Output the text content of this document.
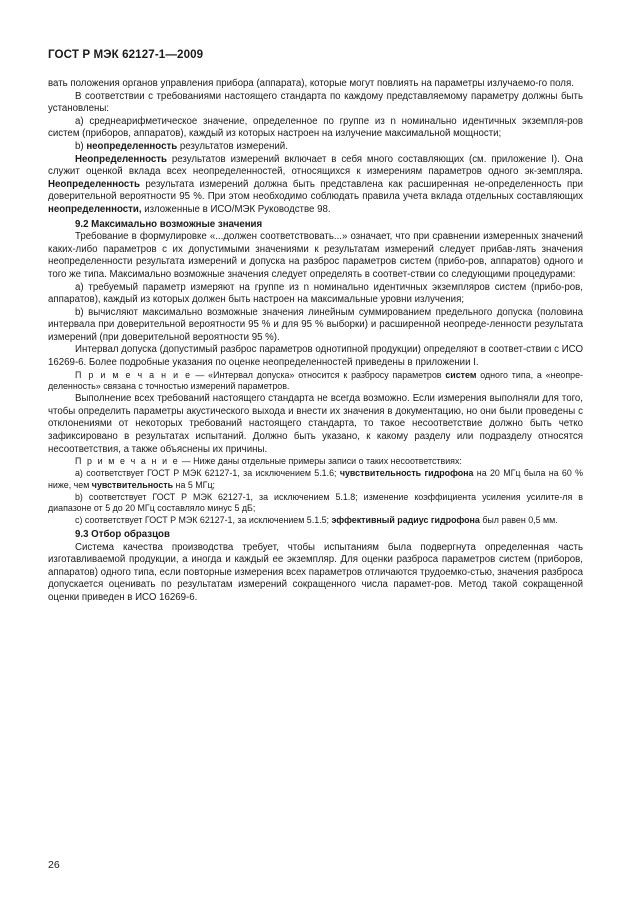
ГОСТ Р МЭК 62127-1—2009

вать положения органов управления прибора (аппарата), которые могут повлиять на параметры излучаемо-го поля.

В соответствии с требованиями настоящего стандарта по каждому представляемому параметру должны быть установлены:

а) среднеарифметическое значение, определенное по группе из n номинально идентичных экземпля-ров систем (приборов, аппаратов), каждый из которых настроен на излучение максимальной мощности;

b) неопределенность результатов измерений.

Неопределенность результатов измерений включает в себя много составляющих (см. приложение I). Она служит оценкой вклада всех неопределенностей, относящихся к измерениям параметров одного эк-земпляра. Неопределенность результата измерений должна быть представлена как расширенная не-определенность при доверительной вероятности 95 %. При этом необходимо соблюдать правила учета вклада отдельных составляющих неопределенности, изложенные в ИСО/МЭК Руководстве 98.

9.2 Максимально возможные значения

Требование в формулировке «...должен соответствовать...» означает, что при сравнении измеренных значений каких-либо параметров с их допустимыми значениями к результатам измерений следует прибав-лять значения неопределенности результата измерений и допуска на разброс параметров систем (прибо-ров, аппаратов) одного и того же типа. Максимально возможные значения следует определять в соответ-ствии со следующими процедурами:

а) требуемый параметр измеряют на группе из n номинально идентичных экземпляров систем (прибо-ров, аппаратов), каждый из которых должен быть настроен на максимальные уровни излучения;

b) вычисляют максимально возможные значения линейным суммированием предельного допуска (половина интервала при доверительной вероятности 95 % и для 95 % выборки) и расширенной неопреде-ленности результата измерений (при доверительной вероятности 95 %).

Интервал допуска (допустимый разброс параметров однотипной продукции) определяют в соответ-ствии с ИСО 16269-6. Более подробные указания по оценке неопределенностей приведены в приложении I.

П р и м е ч а н и е — «Интервал допуска» относится к разбросу параметров систем одного типа, а «неопре-деленность» связана с точностью измерений параметров.

Выполнение всех требований настоящего стандарта не всегда возможно. Если измерения выполняли для того, чтобы определить параметры акустического выхода и внести их значения в документацию, но они были проведены с отклонениями от некоторых требований настоящего стандарта, то такое несоответствие должно быть четко зафиксировано в результатах испытаний. Должно быть указано, к какому разделу или подразделу относятся несоответствия, а также объяснены их причины.

П р и м е ч а н и е — Ниже даны отдельные примеры записи о таких несоответствиях:

а) соответствует ГОСТ Р МЭК 62127-1, за исключением 5.1.6; чувствительность гидрофона на 20 МГц была на 60 % ниже, чем чувствительность на 5 МГц;

b) соответствует ГОСТ Р МЭК 62127-1, за исключением 5.1.8; изменение коэффициента усиления усилите-ля в диапазоне от 5 до 20 МГц составляло минус 5 дБ;

с) соответствует ГОСТ Р МЭК 62127-1, за исключением 5.1.5; эффективный радиус гидрофона был равен 0,5 мм.

9.3 Отбор образцов

Система качества производства требует, чтобы испытаниям была подвергнута определенная часть изготавливаемой продукции, а иногда и каждый ее экземпляр. Для оценки разброса параметров систем (приборов, аппаратов) одного типа, если повторные измерения всех параметров отличаются трудоемко-стью, значения разброса допускается оценивать по результатам измерений сокращенного числа парамет-ров. Метод такой сокращенной оценки приведен в ИСО 16269-6.

26
